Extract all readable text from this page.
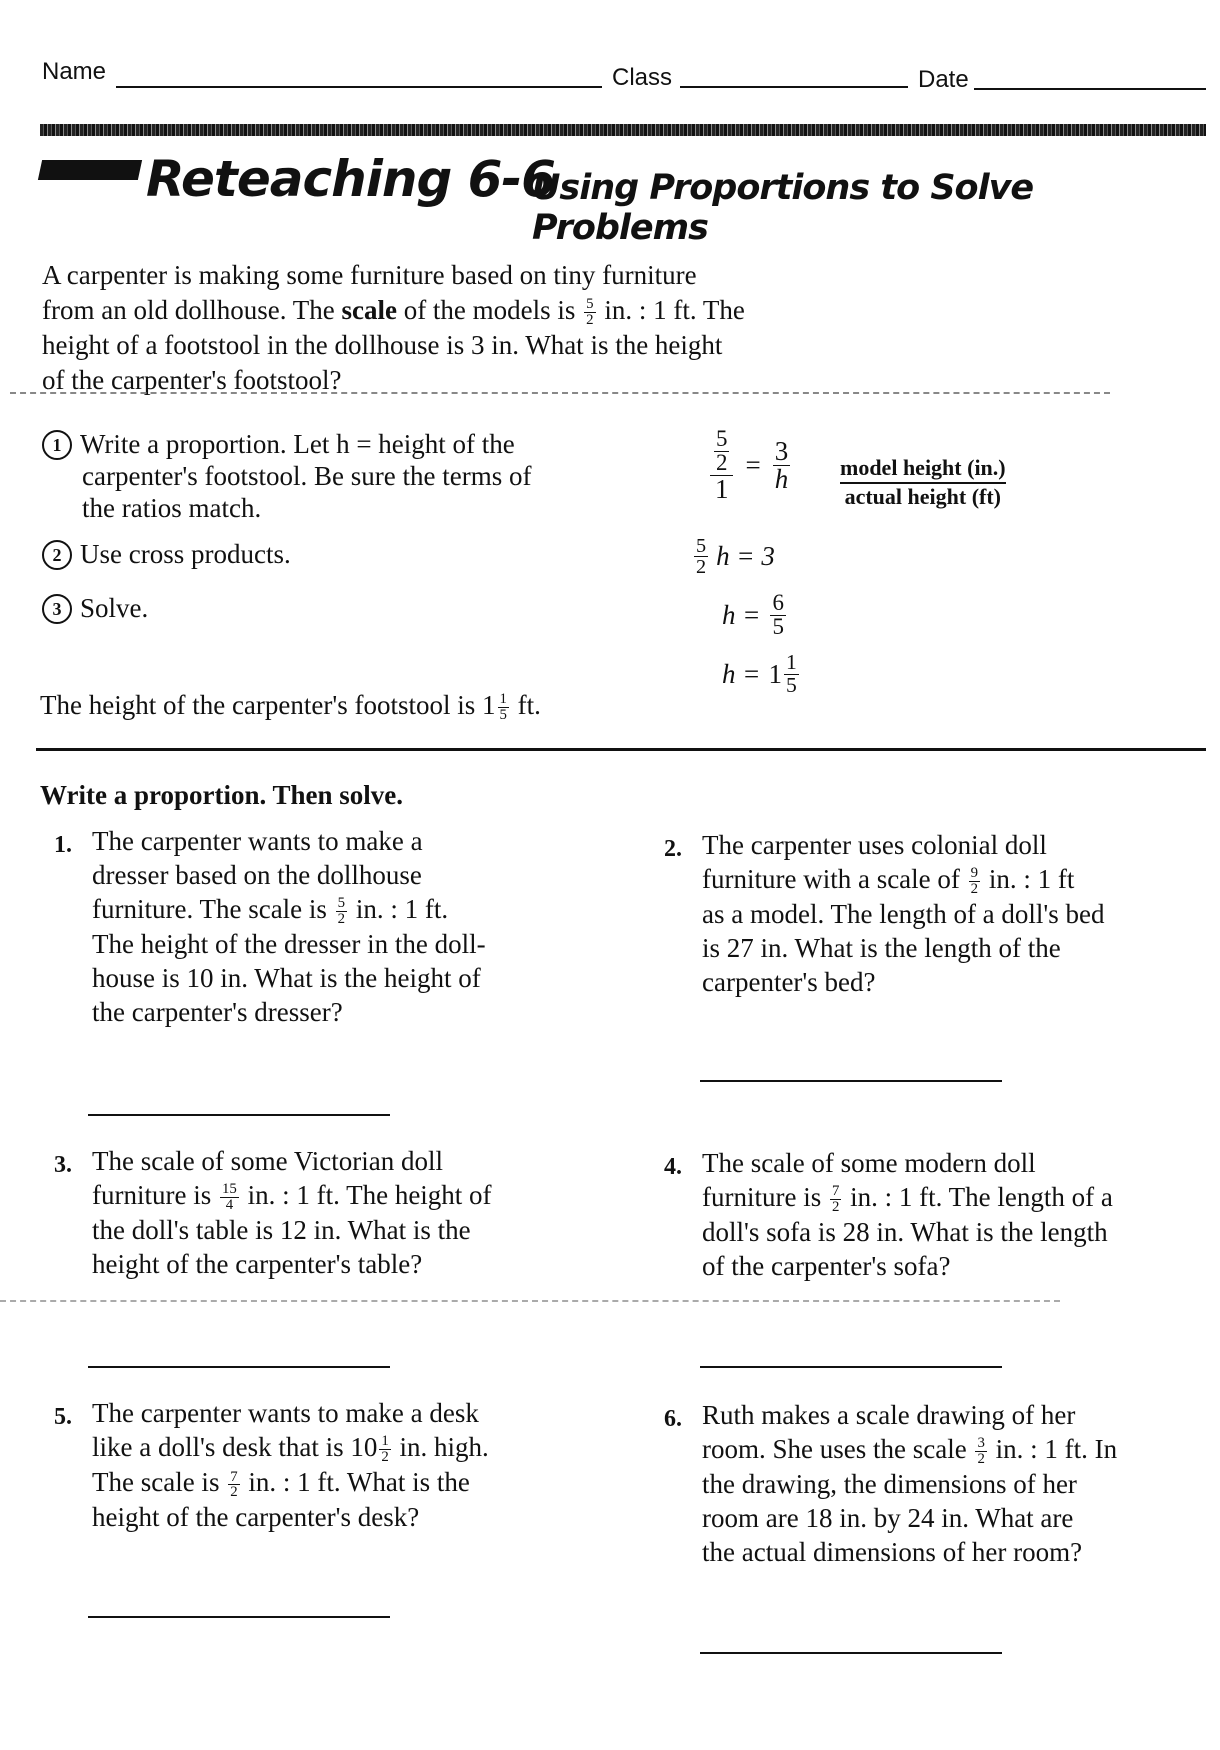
Name	Class	Date
Reteaching 6-6
Using Proportions to Solve Problems

A carpenter is making some furniture based on tiny furniture

from an old dollhouse. The scale of the models is $\frac{5}{2}$ in. : 1 ft. The

height of a footstool in the dollhouse is 3 in. What is the height

of the carpenter's footstool?

1 Write a proportion. Let h = height of the
carpenter's footstool. Be sure the terms of
the ratios match.
2 Use cross products.
3 Solve.
$\frac{\frac{5}{2}}{1} = \frac{3}{h}$ model height (in.)
actual height (ft)
$\frac{5}{2}$ h = 3
$h = \frac{6}{5}$
$h = 1 \frac{1}{5}$
The height of the carpenter's footstool is $1 \frac{1}{5}$ ft.
Write a proportion. Then solve.
1. The carpenter wants to make a

dresser based on the dollhouse

furniture. The scale is $\frac{5}{2}$ in. : 1 ft.

The height of the dresser in the doll-

house is 10 in. What is the height of

the carpenter's dresser?

2. The carpenter uses colonial doll

furniture with a scale of $\frac{9}{2}$ in. : 1 ft

as a model. The length of a doll's bed

is 27 in. What is the length of the

carpenter's bed?

3. The scale of some Victorian doll

furniture is $\frac{15}{4}$ in. : 1 ft. The height of

the doll's table is 12 in. What is the

height of the carpenter's table?

4. The scale of some modern doll

furniture is $\frac{7}{2}$ in. : 1 ft. The length of a

doll's sofa is 28 in. What is the length

of the carpenter's sofa?

5. The carpenter wants to make a desk

like a doll's desk that is $10 \frac{1}{2}$ in. high.

The scale is $\frac{7}{2}$ in. : 1 ft. What is the

height of the carpenter's desk?

6. Ruth makes a scale drawing of her

room. She uses the scale $\frac{3}{2}$ in. : 1 ft. In

the drawing, the dimensions of her

room are 18 in. by 24 in. What are

the actual dimensions of her room?
